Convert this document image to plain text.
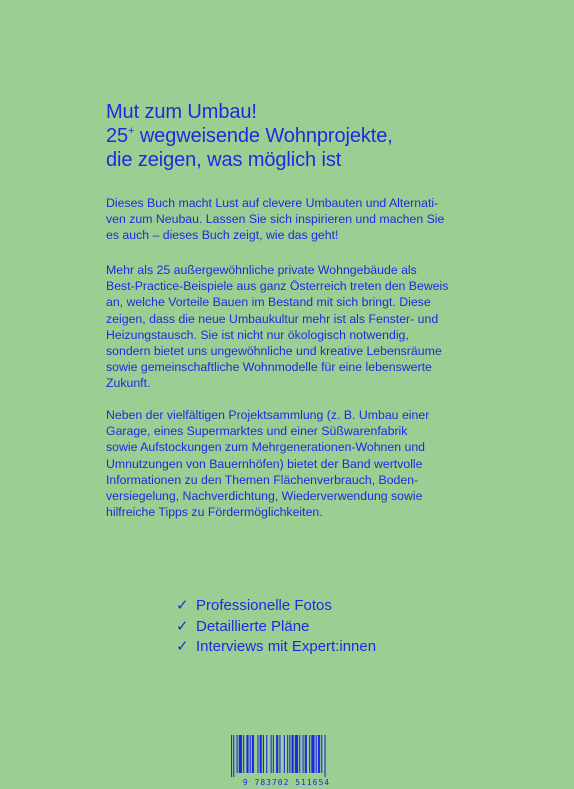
Mut zum Umbau!
25+ wegweisende Wohnprojekte,
die zeigen, was möglich ist
Dieses Buch macht Lust auf clevere Umbauten und Alternati-
ven zum Neubau. Lassen Sie sich inspirieren und machen Sie
es auch – dieses Buch zeigt, wie das geht!
Mehr als 25 außergewöhnliche private Wohngebäude als
Best-Practice-Beispiele aus ganz Österreich treten den Beweis
an, welche Vorteile Bauen im Bestand mit sich bringt. Diese
zeigen, dass die neue Umbaukultur mehr ist als Fenster- und
Heizungstausch. Sie ist nicht nur ökologisch notwendig,
sondern bietet uns ungewöhnliche und kreative Lebensräume
sowie gemeinschaftliche Wohnmodelle für eine lebenswerte
Zukunft.
Neben der vielfältigen Projektsammlung (z. B. Umbau einer
Garage, eines Supermarktes und einer Süßwarenfabrik
sowie Aufstockungen zum Mehrgenerationen-Wohnen und
Umnutzungen von Bauernhöfen) bietet der Band wertvolle
Informationen zu den Themen Flächenverbrauch, Boden-
versiegelung, Nachverdichtung, Wiederverwendung sowie
hilfreiche Tipps zu Fördermöglichkeiten.
✓ Professionelle Fotos
✓ Detaillierte Pläne
✓ Interviews mit Expert:innen
9 783702 511654
